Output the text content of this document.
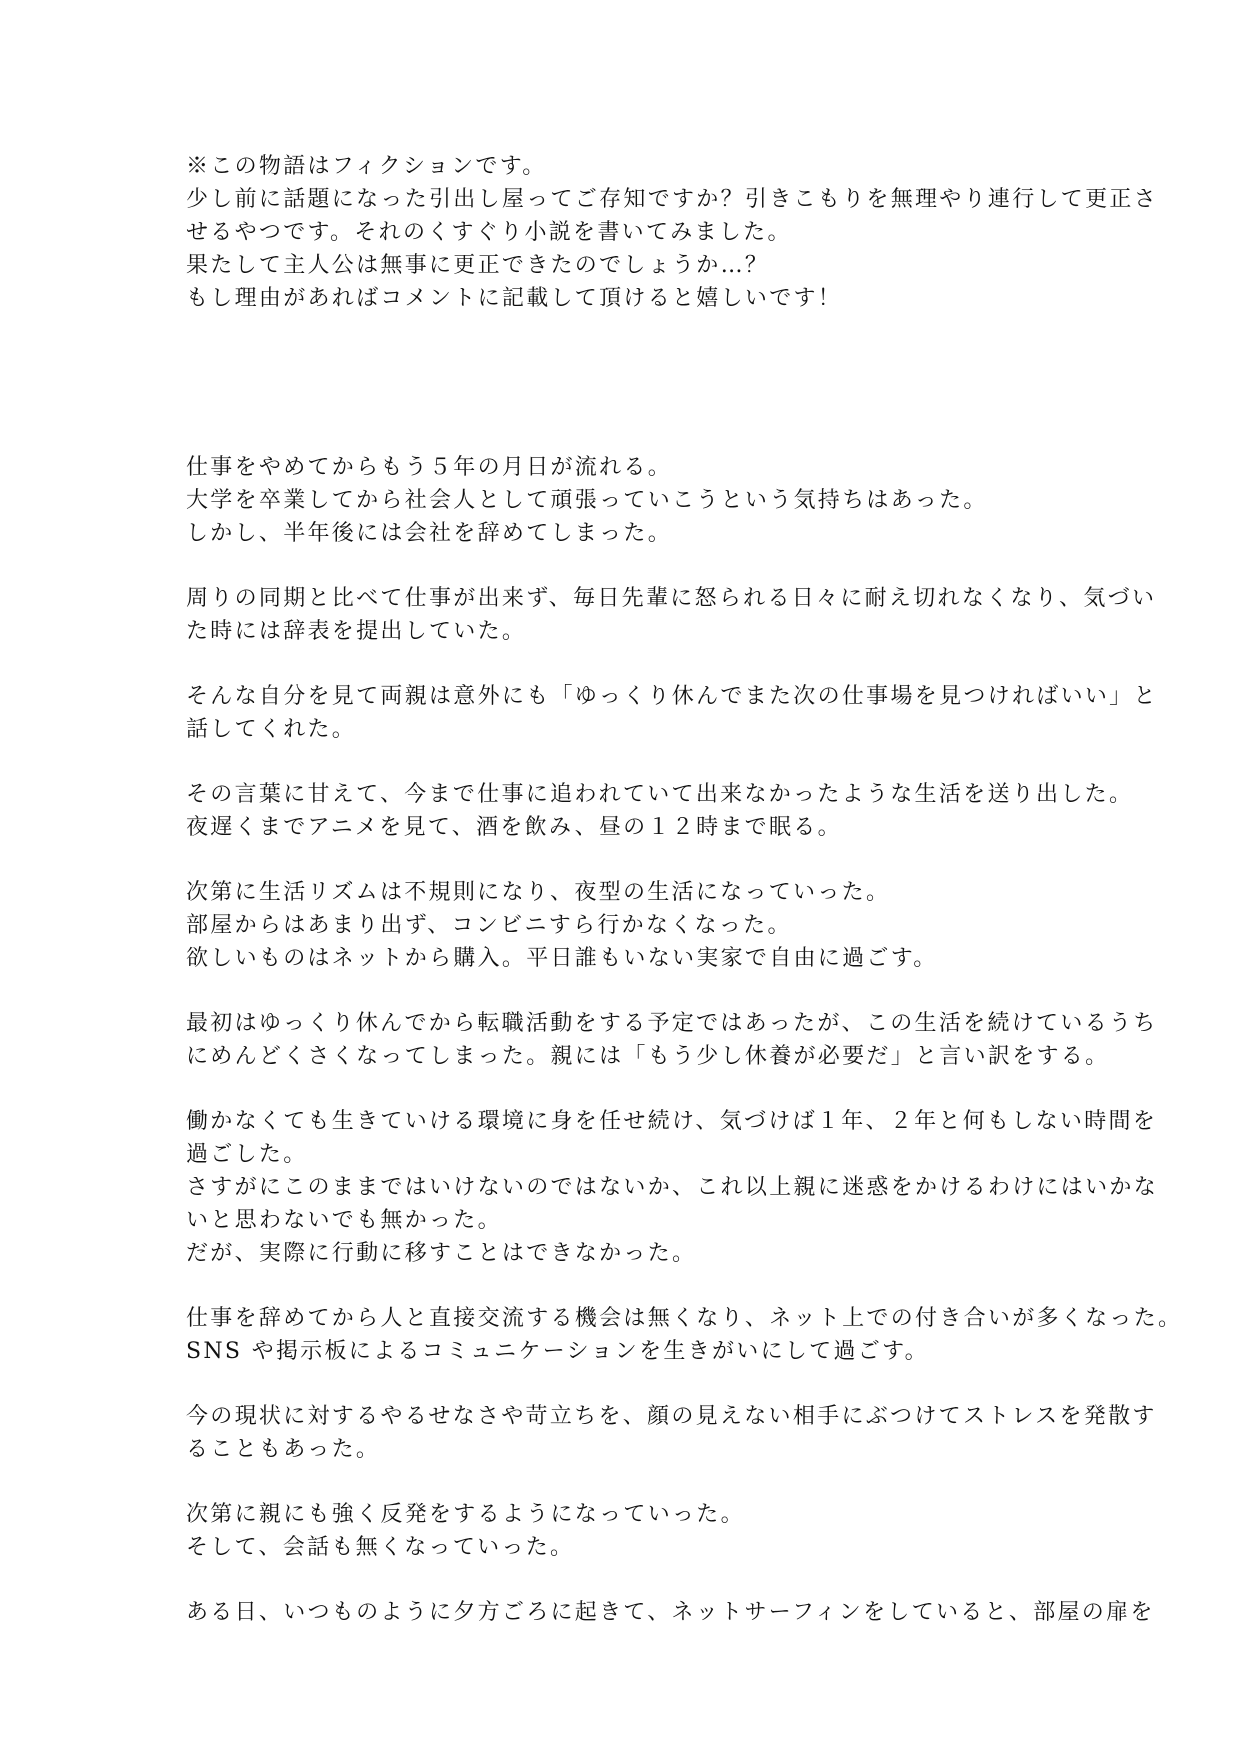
※この物語はフィクションです。
少し前に話題になった引出し屋ってご存知ですか？引きこもりを無理やり連行して更正さ
せるやつです。それのくすぐり小説を書いてみました。
果たして主人公は無事に更正できたのでしょうか…？
もし理由があればコメントに記載して頂けると嬉しいです！
仕事をやめてからもう５年の月日が流れる。
大学を卒業してから社会人として頑張っていこうという気持ちはあった。
しかし、半年後には会社を辞めてしまった。
周りの同期と比べて仕事が出来ず、毎日先輩に怒られる日々に耐え切れなくなり、気づい
た時には辞表を提出していた。
そんな自分を見て両親は意外にも「ゆっくり休んでまた次の仕事場を見つければいい」と
話してくれた。
その言葉に甘えて、今まで仕事に追われていて出来なかったような生活を送り出した。
夜遅くまでアニメを見て、酒を飲み、昼の１２時まで眠る。
次第に生活リズムは不規則になり、夜型の生活になっていった。
部屋からはあまり出ず、コンビニすら行かなくなった。
欲しいものはネットから購入。平日誰もいない実家で自由に過ごす。
最初はゆっくり休んでから転職活動をする予定ではあったが、この生活を続けているうち
にめんどくさくなってしまった。親には「もう少し休養が必要だ」と言い訳をする。
働かなくても生きていける環境に身を任せ続け、気づけば１年、２年と何もしない時間を
過ごした。
さすがにこのままではいけないのではないか、これ以上親に迷惑をかけるわけにはいかな
いと思わないでも無かった。
だが、実際に行動に移すことはできなかった。
仕事を辞めてから人と直接交流する機会は無くなり、ネット上での付き合いが多くなった。
SNS や掲示板によるコミュニケーションを生きがいにして過ごす。
今の現状に対するやるせなさや苛立ちを、顔の見えない相手にぶつけてストレスを発散す
ることもあった。
次第に親にも強く反発をするようになっていった。
そして、会話も無くなっていった。
ある日、いつものように夕方ごろに起きて、ネットサーフィンをしていると、部屋の扉を
